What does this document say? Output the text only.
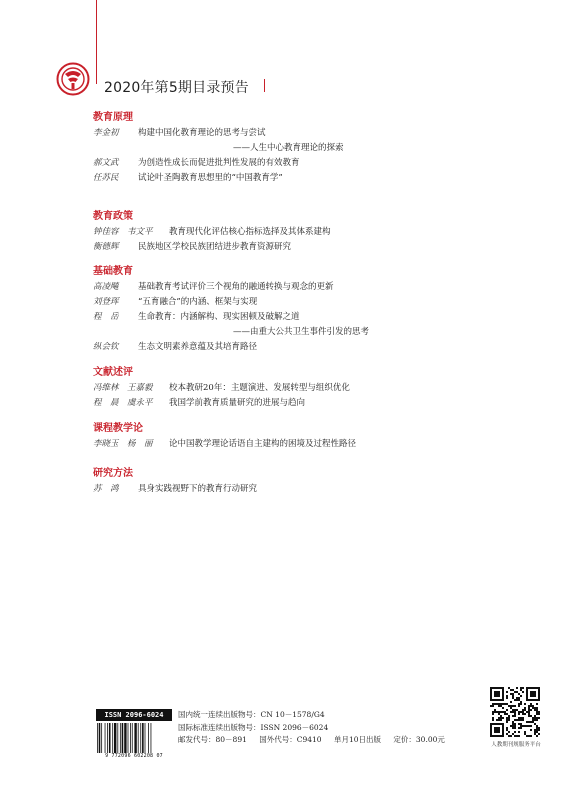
2020年第5期目录预告
教育原理
李金初 构建中国化教育理论的思考与尝试
——人生中心教育理论的探索
郝文武 为创造性成长而促进批判性发展的有效教育
任苏民 试论叶圣陶教育思想里的“中国教育学”
教育政策
钟佳容　韦文平 教育现代化评估核心指标选择及其体系建构
衡德辉 民族地区学校民族团结进步教育资源研究
基础教育
高凌飚 基础教育考试评价三个视角的融通转换与观念的更新
刘登珲 “五育融合”的内涵、框架与实现
程　岳 生命教育：内涵解构、现实困顿及破解之道
——由重大公共卫生事件引发的思考
纵会钦 生态文明素养意蕴及其培育路径
文献述评
冯维林　王嘉毅 校本教研20年：主题演进、发展转型与组织优化
程　晨　虞永平 我国学前教育质量研究的进展与趋向
课程教学论
李晓玉　杨　丽 论中国教学理论话语自主建构的困境及过程性路径
研究方法
苏　鸿 具身实践视野下的教育行动研究
ISSN 2096-6024
9 772096 602208 07
国内统一连续出版物号：CN 10－1578/G4
国际标准连续出版物号：ISSN 2096－6024
邮发代号：80－891 国外代号：C9410 单月10日出版 定价：30.00元
人教期刊规服务平台
